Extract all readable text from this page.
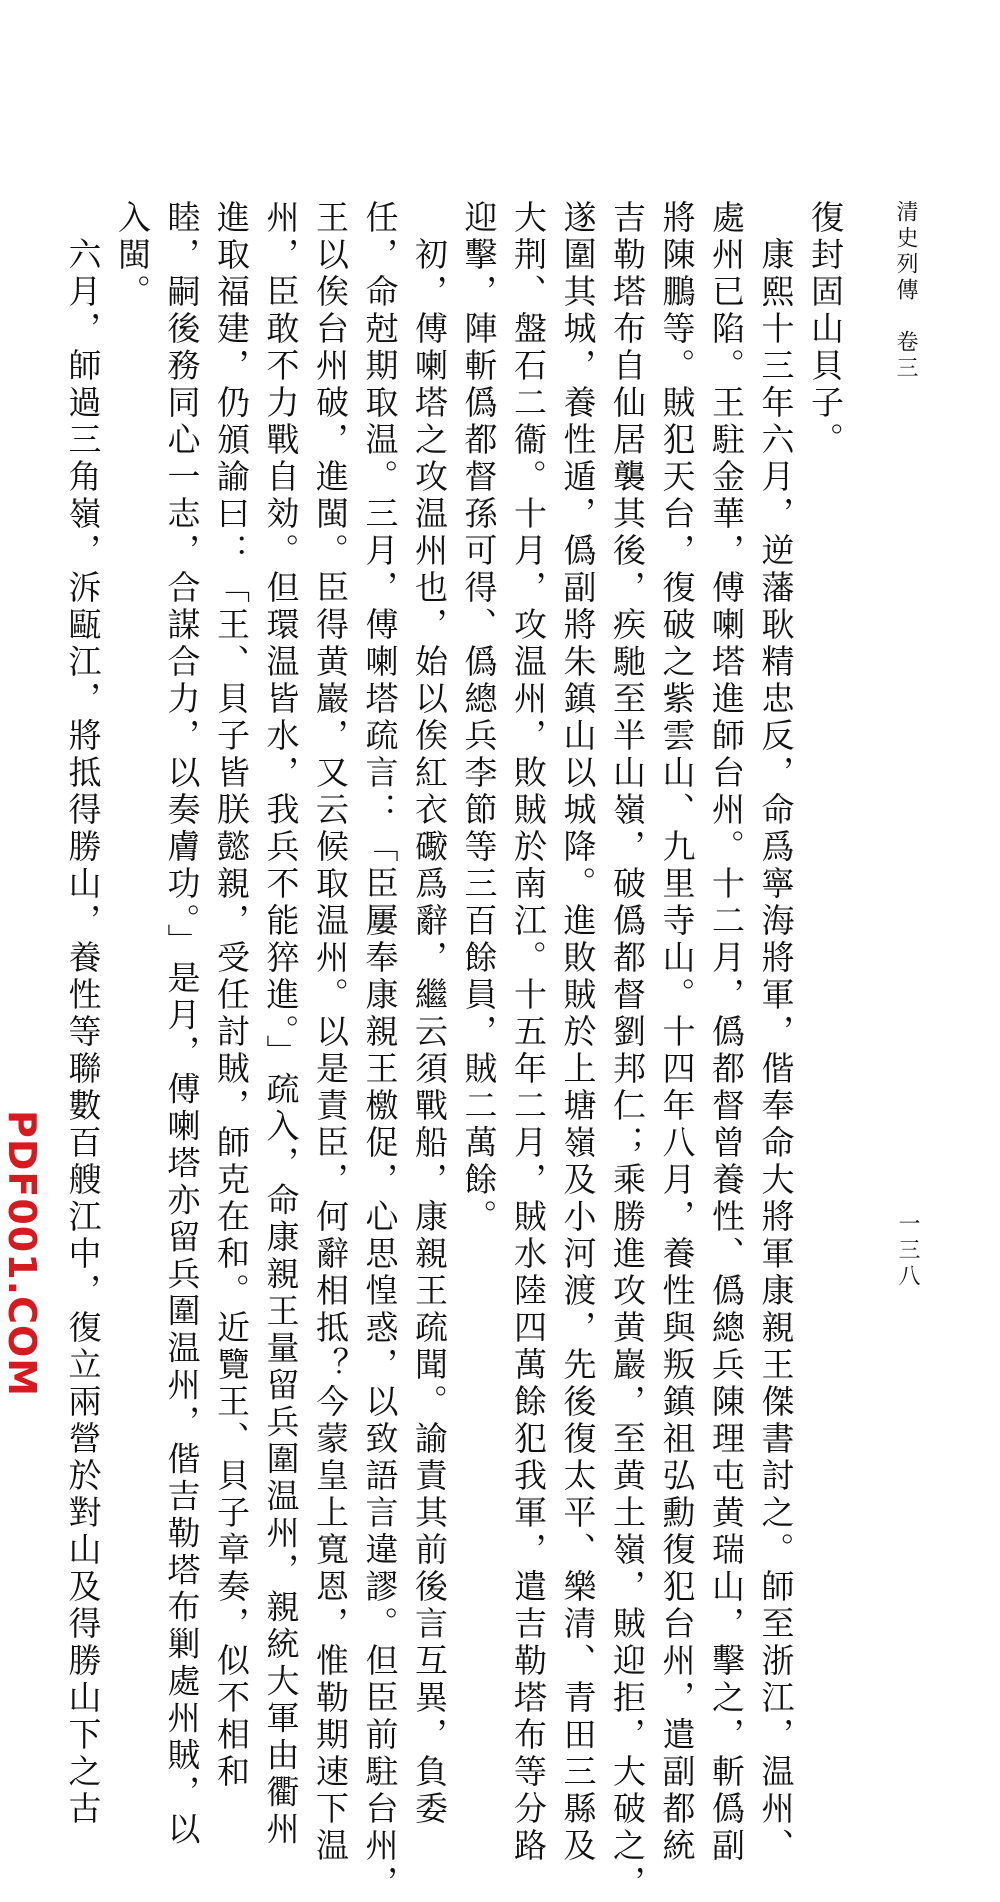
清史列傳　卷三
一三八
復封固山貝子。
　康熙十三年六月，逆藩耿精忠反，命爲寧海將軍，偕奉命大將軍康親王傑書討之。師至浙江，温州、
處州已陷。王駐金華，傅喇塔進師台州。十二月，僞都督曾養性、僞總兵陳理屯黄瑞山，擊之，斬僞副
將陳鵬等。賊犯天台，復破之紫雲山、九里寺山。十四年八月，養性與叛鎮祖弘勳復犯台州，遣副都統
吉勒塔布自仙居襲其後，疾馳至半山嶺，破僞都督劉邦仁；乘勝進攻黄巖，至黄土嶺，賊迎拒，大破之，
遂圍其城，養性遁，僞副將朱鎮山以城降。進敗賊於上塘嶺及小河渡，先後復太平、樂清、青田三縣及
大荆、盤石二衞。十月，攻温州，敗賊於南江。十五年二月，賊水陸四萬餘犯我軍，遣吉勒塔布等分路
迎擊，陣斬僞都督孫可得、僞總兵李節等三百餘員，賊二萬餘。
　初，傅喇塔之攻温州也，始以俟紅衣礮爲辭，繼云須戰船，康親王疏聞。諭責其前後言互異，負委
任，命尅期取温。三月，傅喇塔疏言：「臣屢奉康親王檄促，心思惶惑，以致語言違謬。但臣前駐台州，
王以俟台州破，進閩。臣得黄巖，又云候取温州。以是責臣，何辭相抵？今蒙皇上寬恩，惟勒期速下温
州，臣敢不力戰自効。但環温皆水，我兵不能猝進。」疏入，命康親王量留兵圍温州，親統大軍由衢州
進取福建，仍頒諭曰：「王、貝子皆朕懿親，受任討賊，師克在和。近覽王、貝子章奏，似不相和
睦，嗣後務同心一志，合謀合力，以奏膚功。」是月，傅喇塔亦留兵圍温州，偕吉勒塔布剿處州賊，以
入閩。
　六月，師過三角嶺，泝甌江，將抵得勝山，養性等聯數百艘江中，復立兩營於對山及得勝山下之古
PDF001.COM
